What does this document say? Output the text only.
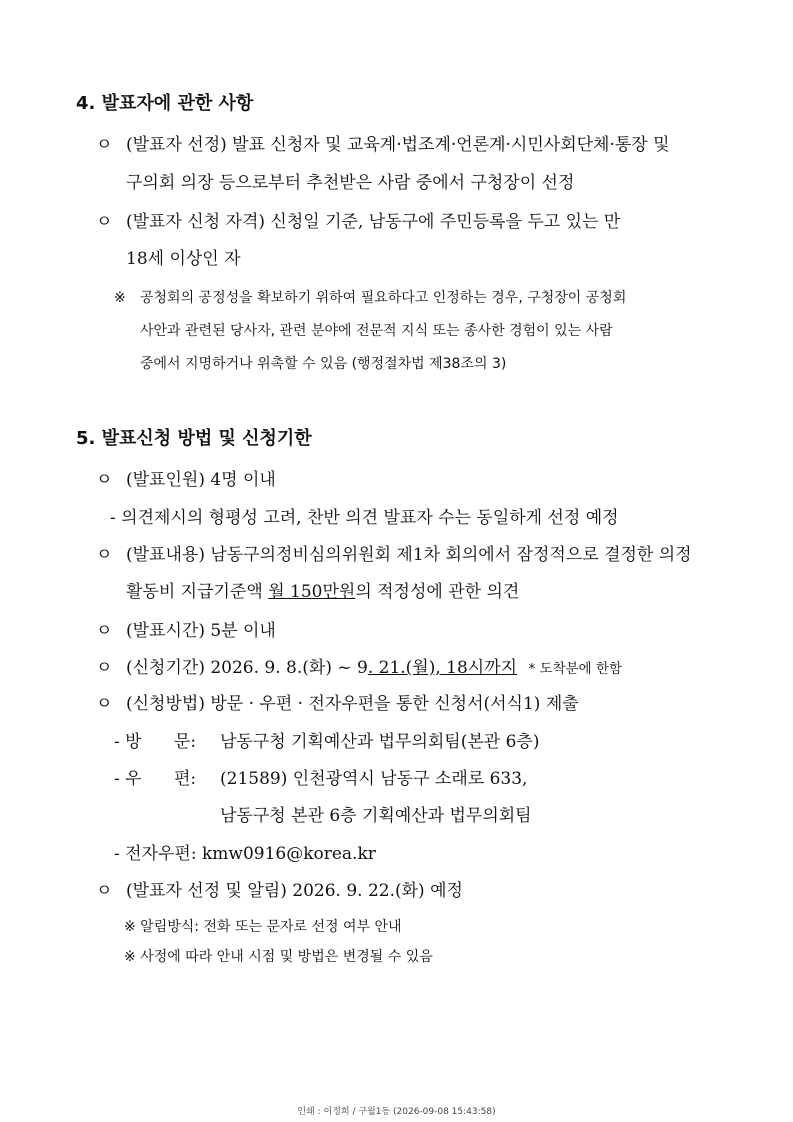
4. 발표자에 관한 사항
ㅇ (발표자 선정) 발표 신청자 및 교육계·법조계·언론계·시민사회단체·통장 및
구의회 의장 등으로부터 추천받은 사람 중에서 구청장이 선정
ㅇ (발표자 신청 자격) 신청일 기준, 남동구에 주민등록을 두고 있는 만
18세 이상인 자
※ 공청회의 공정성을 확보하기 위하여 필요하다고 인정하는 경우, 구청장이 공청회
사안과 관련된 당사자, 관련 분야에 전문적 지식 또는 종사한 경험이 있는 사람
중에서 지명하거나 위촉할 수 있음 (행정절차법 제38조의 3)
5. 발표신청 방법 및 신청기한
ㅇ (발표인원) 4명 이내
- 의견제시의 형평성 고려, 찬반 의견 발표자 수는 동일하게 선정 예정
ㅇ (발표내용) 남동구의정비심의위원회 제1차 회의에서 잠정적으로 결정한 의정
활동비 지급기준액 월 150만원의 적정성에 관한 의견
ㅇ (발표시간) 5분 이내
ㅇ (신청기간) 2026. 9. 8.(화) ~ 9. 21.(월), 18시까지 * 도착분에 한함
ㅇ (신청방법) 방문 · 우편 · 전자우편을 통한 신청서(서식1) 제출
- 방      문: 남동구청 기획예산과 법무의회팀(본관 6층)
- 우      편: (21589) 인천광역시 남동구 소래로 633,
남동구청 본관 6층 기획예산과 법무의회팀
- 전자우편: kmw0916@korea.kr
ㅇ (발표자 선정 및 알림) 2026. 9. 22.(화) 예정
※ 알림방식: 전화 또는 문자로 선정 여부 안내
※ 사정에 따라 안내 시점 및 방법은 변경될 수 있음
인쇄 : 이정희 / 구월1동 (2026-09-08 15:43:58)
